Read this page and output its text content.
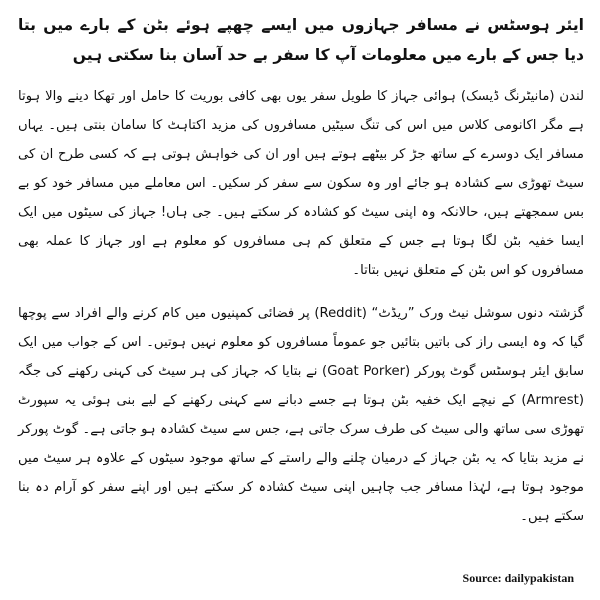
ایئر ہوسٹس نے مسافر جہازوں میں ایسے چھپے ہوئے بٹن کے بارے میں بتا دیا جس کے بارے میں معلومات آپ کا سفر بے حد آسان بنا سکتی ہیں
لندن (مانیٹرنگ ڈیسک) ہوائی جہاز کا طویل سفر یوں بھی کافی بوریت کا حامل اور تھکا دینے والا ہوتا ہے مگر اکانومی کلاس میں اس کی تنگ سیٹیں مسافروں کی مزید اکتاہٹ کا سامان بنتی ہیں۔ یہاں مسافر ایک دوسرے کے ساتھ جڑ کر بیٹھے ہوتے ہیں اور ان کی خواہش ہوتی ہے کہ کسی طرح ان کی سیٹ تھوڑی سے کشادہ ہو جائے اور وہ سکون سے سفر کر سکیں۔ اس معاملے میں مسافر خود کو بے بس سمجھتے ہیں، حالانکہ وہ اپنی سیٹ کو کشادہ کر سکتے ہیں۔ جی ہاں! جہاز کی سیٹوں میں ایک ایسا خفیہ بٹن لگا ہوتا ہے جس کے متعلق کم ہی مسافروں کو معلوم ہے اور جہاز کا عملہ بھی مسافروں کو اس بٹن کے متعلق نہیں بتاتا۔
گزشتہ دنوں سوشل نیٹ ورک ”ریڈٹ“ (Reddit) پر فضائی کمپنیوں میں کام کرنے والے افراد سے پوچھا گیا کہ وہ ایسی راز کی باتیں بتائیں جو عموماً مسافروں کو معلوم نہیں ہوتیں۔ اس کے جواب میں ایک سابق ایئر ہوسٹس گوٹ پورکر (Goat Porker) نے بتایا کہ جہاز کی ہر سیٹ کی کہنی رکھنے کی جگہ (Armrest) کے نیچے ایک خفیہ بٹن ہوتا ہے جسے دبانے سے کہنی رکھنے کے لیے بنی ہوئی یہ سپورٹ تھوڑی سی ساتھ والی سیٹ کی طرف سرک جاتی ہے، جس سے سیٹ کشادہ ہو جاتی ہے۔ گوٹ پورکر نے مزید بتایا کہ یہ بٹن جہاز کے درمیان چلنے والے راستے کے ساتھ موجود سیٹوں کے علاوہ ہر سیٹ میں موجود ہوتا ہے، لہٰذا مسافر جب چاہیں اپنی سیٹ کشادہ کر سکتے ہیں اور اپنے سفر کو آرام دہ بنا سکتے ہیں۔
Source: dailypakistan
